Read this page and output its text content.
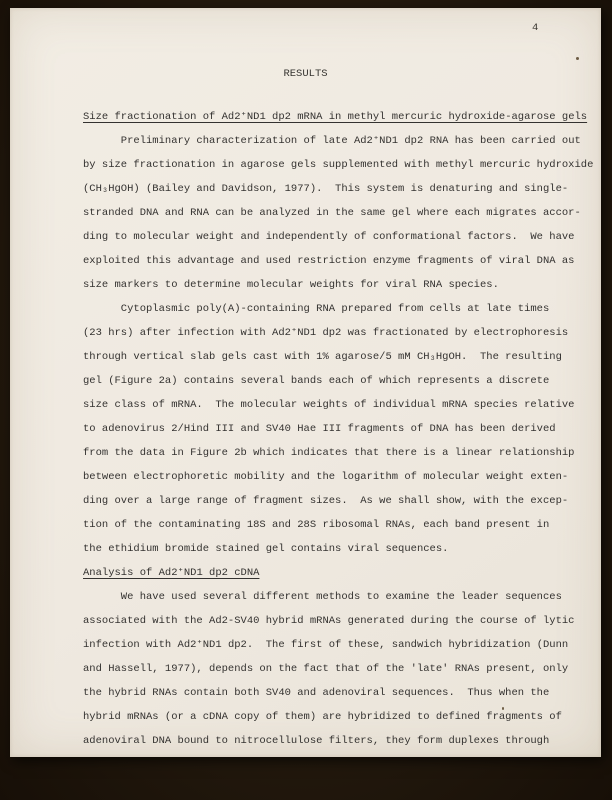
4
RESULTS
Size fractionation of Ad2⁺ND1 dp2 mRNA in methyl mercuric hydroxide-agarose gels
Preliminary characterization of late Ad2⁺ND1 dp2 RNA has been carried out
by size fractionation in agarose gels supplemented with methyl mercuric hydroxide
(CH₃HgOH) (Bailey and Davidson, 1977).  This system is denaturing and single-
stranded DNA and RNA can be analyzed in the same gel where each migrates accor-
ding to molecular weight and independently of conformational factors.  We have
exploited this advantage and used restriction enzyme fragments of viral DNA as
size markers to determine molecular weights for viral RNA species.
Cytoplasmic poly(A)-containing RNA prepared from cells at late times
(23 hrs) after infection with Ad2⁺ND1 dp2 was fractionated by electrophoresis
through vertical slab gels cast with 1% agarose/5 mM CH₃HgOH.  The resulting
gel (Figure 2a) contains several bands each of which represents a discrete
size class of mRNA.  The molecular weights of individual mRNA species relative
to adenovirus 2/Hind III and SV40 Hae III fragments of DNA has been derived
from the data in Figure 2b which indicates that there is a linear relationship
between electrophoretic mobility and the logarithm of molecular weight exten-
ding over a large range of fragment sizes.  As we shall show, with the excep-
tion of the contaminating 18S and 28S ribosomal RNAs, each band present in
the ethidium bromide stained gel contains viral sequences.
Analysis of Ad2⁺ND1 dp2 cDNA
We have used several different methods to examine the leader sequences
associated with the Ad2-SV40 hybrid mRNAs generated during the course of lytic
infection with Ad2⁺ND1 dp2.  The first of these, sandwich hybridization (Dunn
and Hassell, 1977), depends on the fact that of the 'late' RNAs present, only
the hybrid RNAs contain both SV40 and adenoviral sequences.  Thus when the
hybrid mRNAs (or a cDNA copy of them) are hybridized to defined fragments of
adenoviral DNA bound to nitrocellulose filters, they form duplexes through
